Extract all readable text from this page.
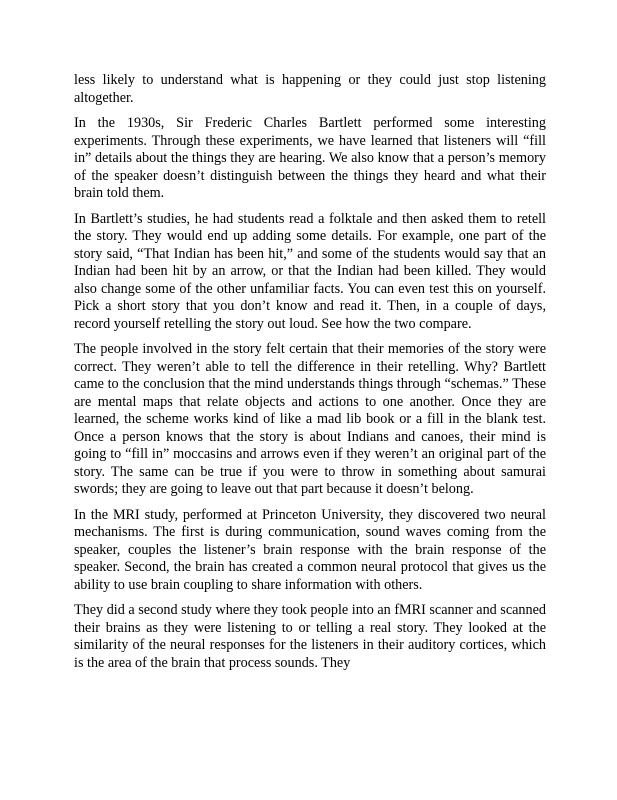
less likely to understand what is happening or they could just stop listening altogether.

In the 1930s, Sir Frederic Charles Bartlett performed some interesting experiments. Through these experiments, we have learned that listeners will “fill in” details about the things they are hearing. We also know that a person’s memory of the speaker doesn’t distinguish between the things they heard and what their brain told them.

In Bartlett’s studies, he had students read a folktale and then asked them to retell the story. They would end up adding some details. For example, one part of the story said, “That Indian has been hit,” and some of the students would say that an Indian had been hit by an arrow, or that the Indian had been killed. They would also change some of the other unfamiliar facts. You can even test this on yourself. Pick a short story that you don’t know and read it. Then, in a couple of days, record yourself retelling the story out loud. See how the two compare.

The people involved in the story felt certain that their memories of the story were correct. They weren’t able to tell the difference in their retelling. Why? Bartlett came to the conclusion that the mind understands things through “schemas.” These are mental maps that relate objects and actions to one another. Once they are learned, the scheme works kind of like a mad lib book or a fill in the blank test. Once a person knows that the story is about Indians and canoes, their mind is going to “fill in” moccasins and arrows even if they weren’t an original part of the story. The same can be true if you were to throw in something about samurai swords; they are going to leave out that part because it doesn’t belong.

In the MRI study, performed at Princeton University, they discovered two neural mechanisms. The first is during communication, sound waves coming from the speaker, couples the listener’s brain response with the brain response of the speaker. Second, the brain has created a common neural protocol that gives us the ability to use brain coupling to share information with others.

They did a second study where they took people into an fMRI scanner and scanned their brains as they were listening to or telling a real story. They looked at the similarity of the neural responses for the listeners in their auditory cortices, which is the area of the brain that process sounds. They
